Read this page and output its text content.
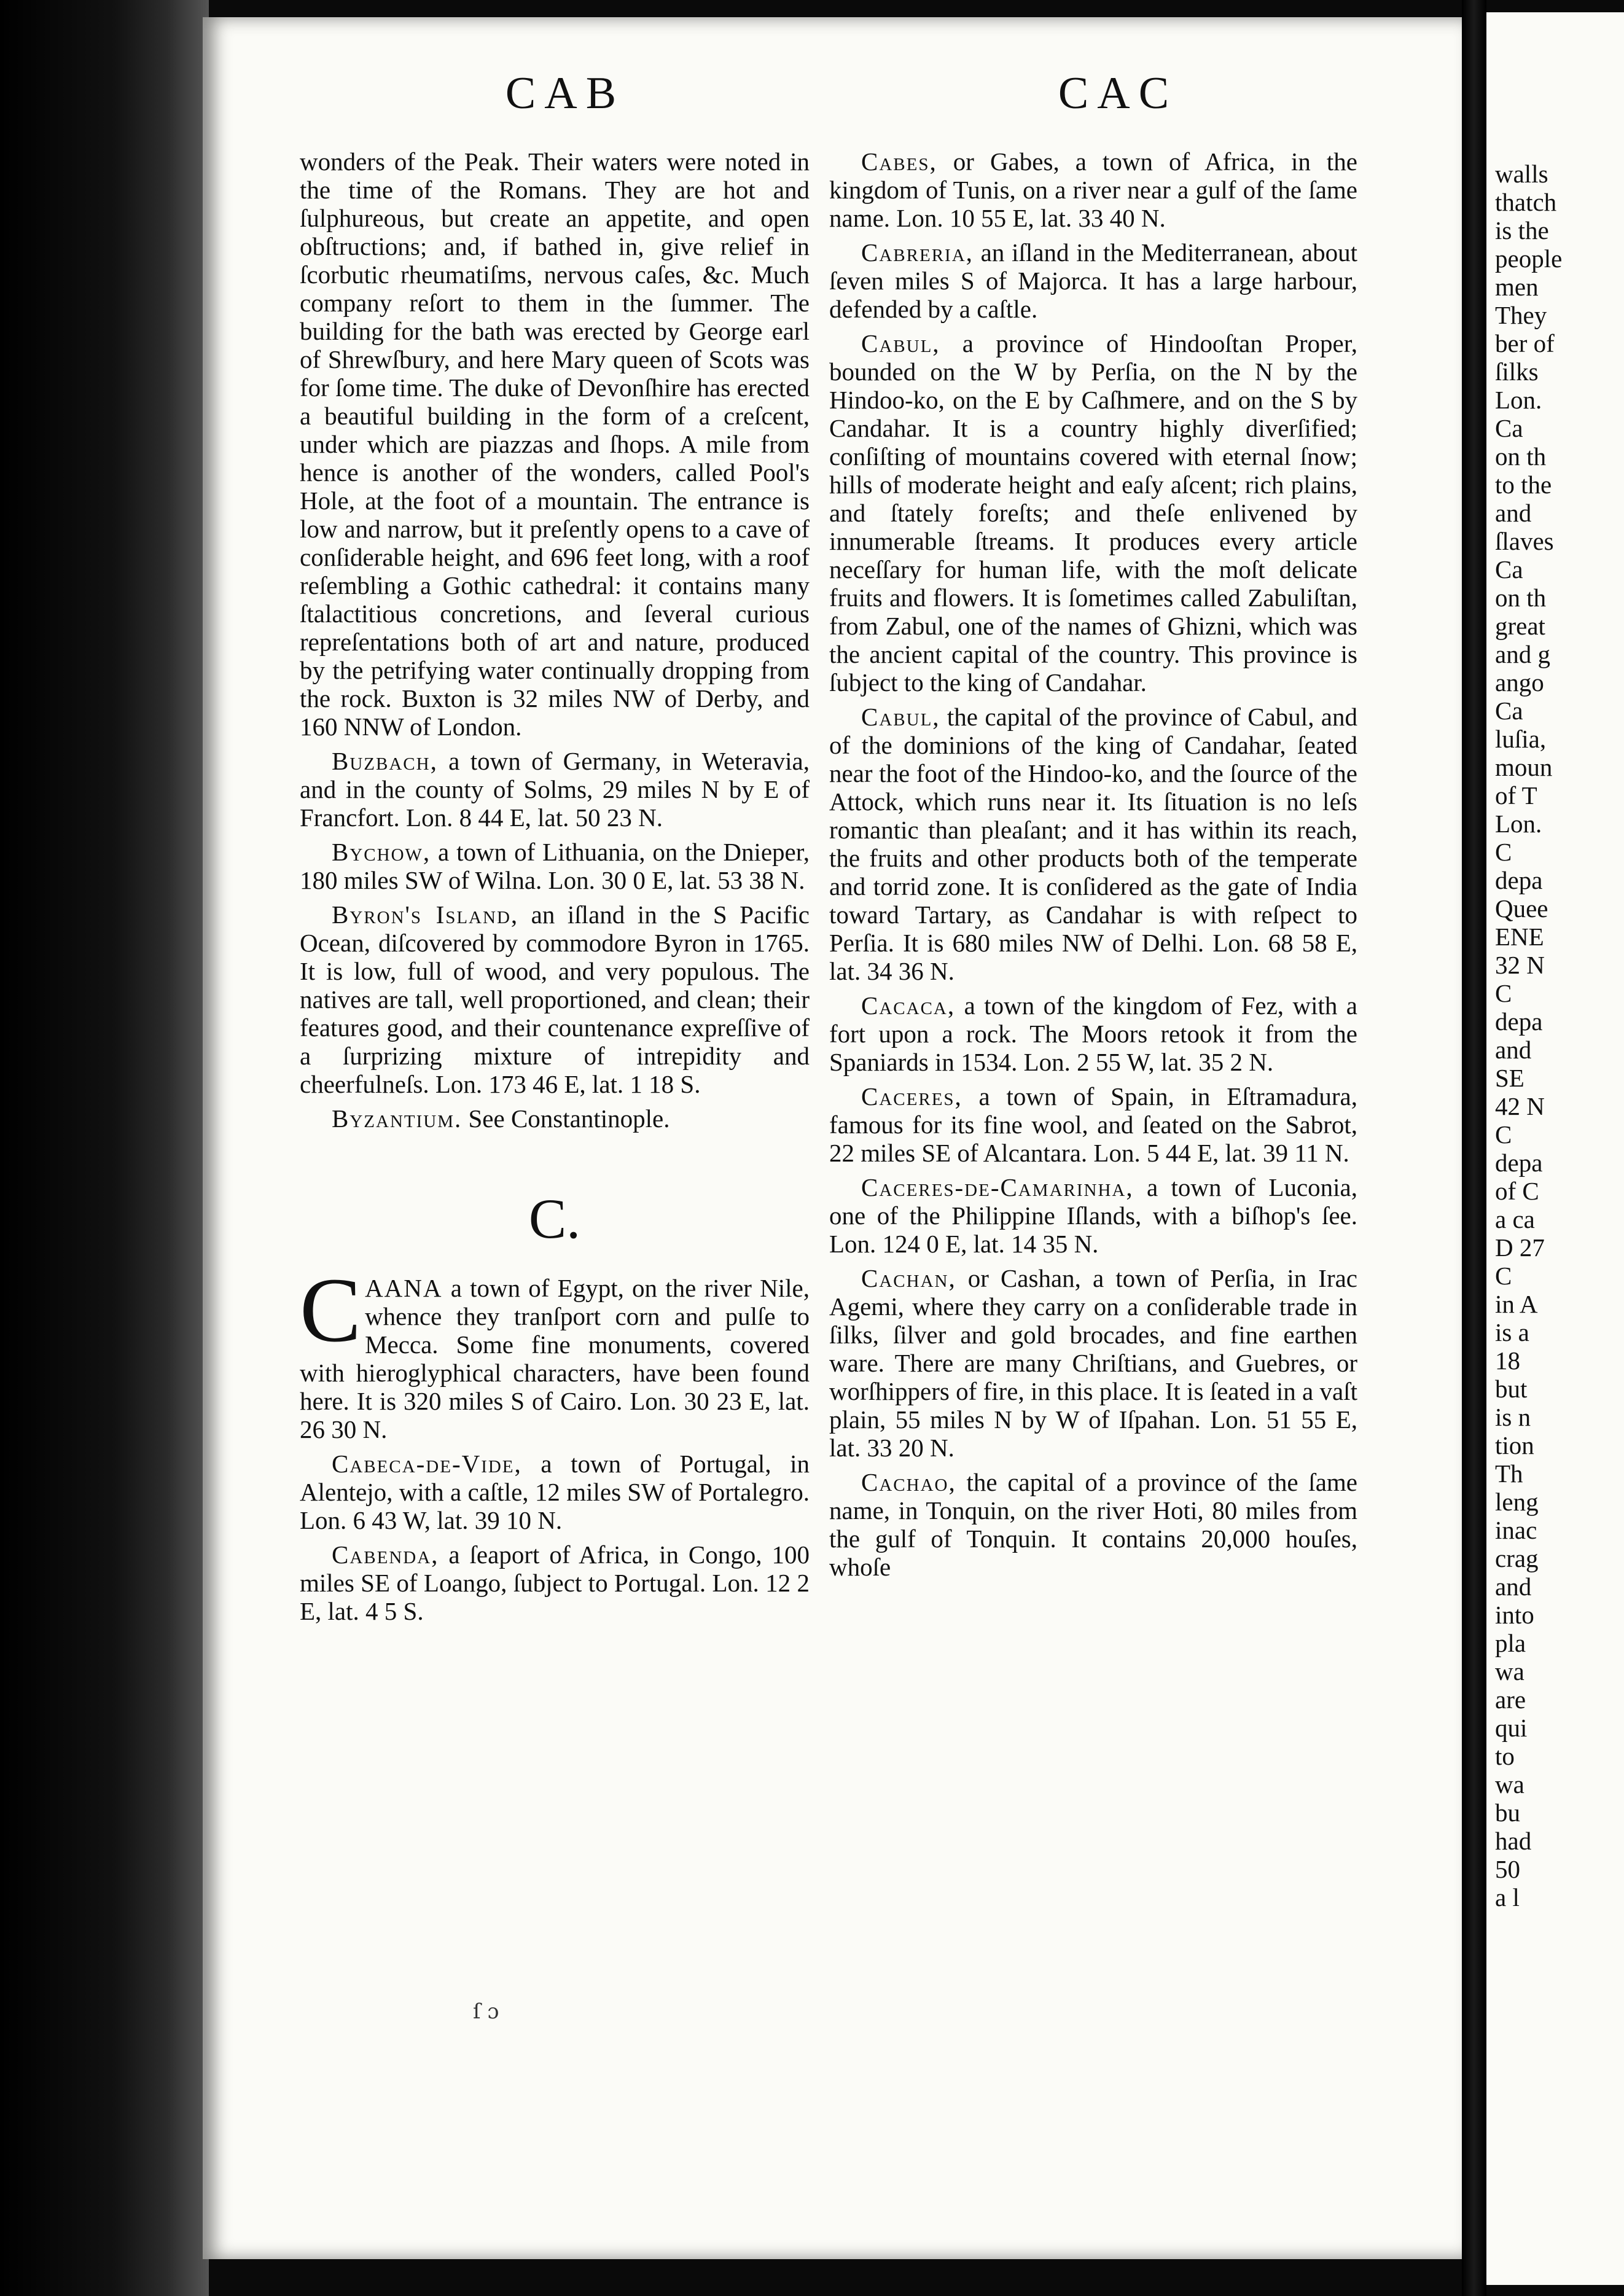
walls
thatch
is the
people
men
They
ber of
ſilks
Lon.
Ca
on th
to the
and
ſlaves
Ca
on th
great
and g
ango
Ca
luſia,
moun
of T
Lon.
C
depa
Quee
ENE
32 N
C
depa
and
SE
42 N
C
depa
of C
a ca
D 27
C
in A
is a
18
but
is n
tion
Th
leng
inac
crag
and
into
pla
wa
are
qui
to
wa
bu
had
50
a l
CAB	CAC

wonders of the Peak. Their waters were noted in the time of the Romans. They are hot and ſulphureous, but create an appetite, and open obſtructions; and, if bathed in, give relief in ſcorbutic rheumatiſms, nervous caſes, &c. Much company reſort to them in the ſummer. The building for the bath was erected by George earl of Shrewſbury, and here Mary queen of Scots was for ſome time. The duke of Devonſhire has erected a beautiful building in the form of a creſcent, under which are piazzas and ſhops. A mile from hence is another of the wonders, called Pool's Hole, at the foot of a mountain. The entrance is low and narrow, but it preſently opens to a cave of conſiderable height, and 696 feet long, with a roof reſembling a Gothic cathedral: it contains many ſtalactitious concretions, and ſeveral curious repreſentations both of art and nature, produced by the petrifying water continually dropping from the rock. Buxton is 32 miles NW of Derby, and 160 NNW of London.

Buzbach, a town of Germany, in Weteravia, and in the county of Solms, 29 miles N by E of Francfort. Lon. 8 44 E, lat. 50 23 N.

Bychow, a town of Lithuania, on the Dnieper, 180 miles SW of Wilna. Lon. 30 0 E, lat. 53 38 N.

Byron's Island, an iſland in the S Pacific Ocean, diſcovered by commodore Byron in 1765. It is low, full of wood, and very populous. The natives are tall, well proportioned, and clean; their features good, and their countenance expreſſive of a ſurprizing mixture of intrepidity and cheerfulneſs. Lon. 173 46 E, lat. 1 18 S.

Byzantium. See Constantinople.

C.

CAANA a town of Egypt, on the river Nile, whence they tranſport corn and pulſe to Mecca. Some fine monuments, covered with hieroglyphical characters, have been found here. It is 320 miles S of Cairo. Lon. 30 23 E, lat. 26 30 N.

Cabeca-de-Vide, a town of Portugal, in Alentejo, with a caſtle, 12 miles SW of Portalegro. Lon. 6 43 W, lat. 39 10 N.

Cabenda, a ſeaport of Africa, in Congo, 100 miles SE of Loango, ſubject to Portugal. Lon. 12 2 E, lat. 4 5 S.

Cabes, or Gabes, a town of Africa, in the kingdom of Tunis, on a river near a gulf of the ſame name. Lon. 10 55 E, lat. 33 40 N.

Cabreria, an iſland in the Mediterranean, about ſeven miles S of Majorca. It has a large harbour, defended by a caſtle.

Cabul, a province of Hindooſtan Proper, bounded on the W by Perſia, on the N by the Hindoo-ko, on the E by Caſhmere, and on the S by Candahar. It is a country highly diverſified; conſiſting of mountains covered with eternal ſnow; hills of moderate height and eaſy aſcent; rich plains, and ſtately foreſts; and theſe enlivened by innumerable ſtreams. It produces every article neceſſary for human life, with the moſt delicate fruits and flowers. It is ſometimes called Zabuliſtan, from Zabul, one of the names of Ghizni, which was the ancient capital of the country. This province is ſubject to the king of Candahar.

Cabul, the capital of the province of Cabul, and of the dominions of the king of Candahar, ſeated near the foot of the Hindoo-ko, and the ſource of the Attock, which runs near it. Its ſituation is no leſs romantic than pleaſant; and it has within its reach, the fruits and other products both of the temperate and torrid zone. It is conſidered as the gate of India toward Tartary, as Candahar is with reſpect to Perſia. It is 680 miles NW of Delhi. Lon. 68 58 E, lat. 34 36 N.

Cacaca, a town of the kingdom of Fez, with a fort upon a rock. The Moors retook it from the Spaniards in 1534. Lon. 2 55 W, lat. 35 2 N.

Caceres, a town of Spain, in Eſtramadura, famous for its fine wool, and ſeated on the Sabrot, 22 miles SE of Alcantara. Lon. 5 44 E, lat. 39 11 N.

Caceres-de-Camarinha, a town of Luconia, one of the Philippine Iſlands, with a biſhop's ſee. Lon. 124 0 E, lat. 14 35 N.

Cachan, or Cashan, a town of Perſia, in Irac Agemi, where they carry on a conſiderable trade in ſilks, ſilver and gold brocades, and fine earthen ware. There are many Chriſtians, and Guebres, or worſhippers of fire, in this place. It is ſeated in a vaſt plain, 55 miles N by W of Iſpahan. Lon. 51 55 E, lat. 33 20 N.

Cachao, the capital of a province of the ſame name, in Tonquin, on the river Hoti, 80 miles from the gulf of Tonquin. It contains 20,000 houſes, whoſe

ſ ɔ
